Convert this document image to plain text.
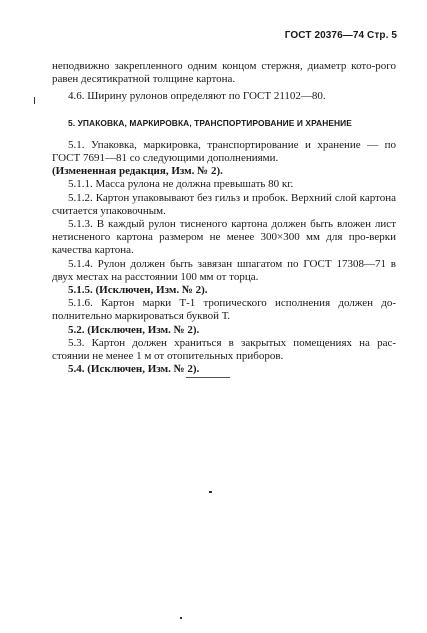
ГОСТ 20376—74 Стр. 5

неподвижно закрепленного одним концом стержня, диаметр кото-рого равен десятикратной толщине картона.

4.6. Ширину рулонов определяют по ГОСТ 21102—80.

5. УПАКОВКА, МАРКИРОВКА, ТРАНСПОРТИРОВАНИЕ И ХРАНЕНИЕ

5.1. Упаковка, маркировка, транспортирование и хранение — по ГОСТ 7691—81 со следующими дополнениями.

(Измененная редакция, Изм. № 2).

5.1.1. Масса рулона не должна превышать 80 кг.

5.1.2. Картон упаковывают без гильз и пробок. Верхний слой картона считается упаковочным.

5.1.3. В каждый рулон тисненого картона должен быть вложен лист нетисненого картона размером не менее 300×300 мм для про-верки качества картона.

5.1.4. Рулон должен быть завязан шпагатом по ГОСТ 17308—71 в двух местах на расстоянии 100 мм от торца.

5.1.5. (Исключен, Изм. № 2).

5.1.6. Картон марки Т-1 тропического исполнения должен до-полнительно маркироваться буквой Т.

5.2. (Исключен, Изм. № 2).

5.3. Картон должен храниться в закрытых помещениях на рас-стоянии не менее 1 м от отопительных приборов.

5.4. (Исключен, Изм. № 2).
